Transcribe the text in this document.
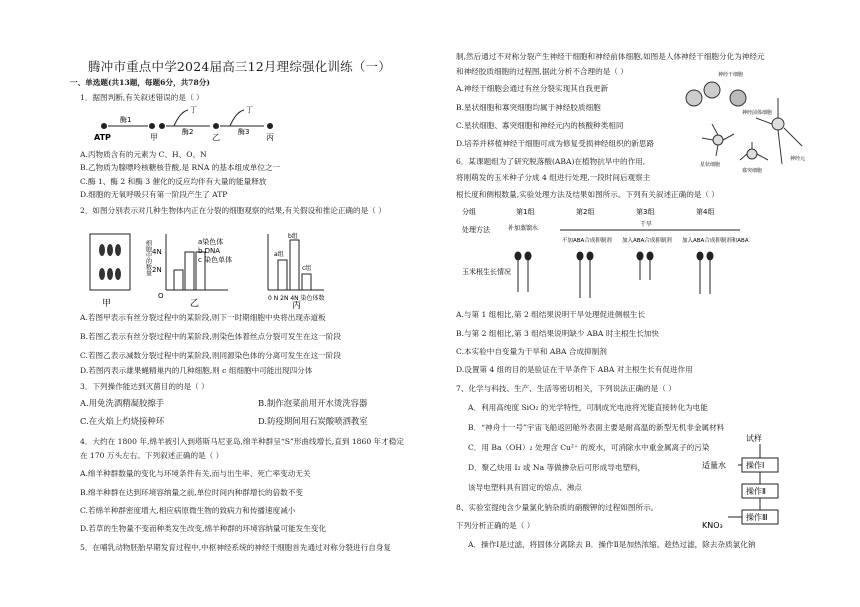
腾冲市重点中学2024届高三12月理综强化训练（一）
一、单选题(共13题，每题6分，共78分)
1．据图判断,有关叙述错误的是（ ）
ATP
酶1
甲
丁
酶2
乙
丁
酶3
丙
A.丙物质含有的元素为 C、H、O、N
B.乙物质为腺嘌呤核糖核苷酸,是 RNA 的基本组成单位之一
C.酶 1、酶 2 和酶 3 催化的反应均伴有大量的能量释放
D.细胞的无氧呼吸只有第一阶段产生了 ATP
2．如图分别表示对几种生物体内正在分裂的细胞观察的结果,有关假设和推论正确的是（ ）
甲
细胞中的数量 4N
2N
O
a染色体
b DNA
c 染色单体
乙
a组
b组
c组
0 N 2N 4N 染色体数
丙
A.若图甲表示有丝分裂过程中的某阶段,则下一时期细胞中央将出现赤道板
B.若图乙表示有丝分裂过程中的某阶段,则染色体着丝点分裂可发生在这一阶段
C.若图乙表示减数分裂过程中的某阶段,则同源染色体的分离可发生在这一阶段
D.若图丙表示雄果蝇精巢内的几种细胞,则 c 组细胞中可能出现四分体
3．下列操作能达到灭菌目的的是（ ）
A.用免洗酒精凝胶擦手	B.制作泡菜前用开水烫洗容器
C.在火焰上灼烧接种环	D.防疫期间用石炭酸喷洒教室
4．大约在 1800 年,绵羊被引入到塔斯马尼亚岛,绵羊种群呈“S”形曲线增长,直到 1860 年才稳定
在 170 万头左右。下列叙述正确的是（ ）
A.绵羊种群数量的变化与环境条件有关,而与出生率、死亡率变动无关
B.绵羊种群在达到环境容纳量之前,单位时间内种群增长的倍数不变
C.若绵羊种群密度增大,相应病原微生物的致病力和传播速度减小
D.若草的生物量不变而种类发生改变,绵羊种群的环境容纳量可能发生变化
5．在哺乳动物胚胎早期发育过程中,中枢神经系统的神经干细胞首先通过对称分裂进行自身复
制,然后通过不对称分裂产生神经干细胞和神经前体细胞,如图是人体神经干细胞分化为神经元
和神经胶质细胞的过程图,据此分析不合理的是（ ）
A.神经干细胞会通过有丝分裂实现其自我更新
B.星状细胞和寡突细胞均属于神经胶质细胞
C.星状细胞、寡突细胞和神经元内的核酸种类相同
D.培养并移植神经干细胞可成为修复受损神经组织的新思路
神经干细胞
神经前体细胞
神经元
星状细胞
寡突细胞
6．某课题组为了研究脱落酸(ABA)在植物抗旱中的作用,
将刚萌发的玉米种子分成 4 组进行处理,一段时间后观察主
根长度和侧根数量,实验处理方法及结果如图所示。下列有关叙述正确的是（ ）
分组	第1组	第2组	第3组	第4组
处理方法	补加蒸馏水
干旱
不加ABA合成抑制剂 加入ABA合成抑制剂 加入ABA合成抑制剂和ABA
玉米根生长情况
A.与第 1 组相比,第 2 组结果说明干旱处理促进侧根生长
B.与第 2 组相比,第 3 组结果说明缺少 ABA 时主根生长加快
C.本实验中自变量为干旱和 ABA 合成抑制剂
D.设置第 4 组的目的是验证在干旱条件下 ABA 对主根生长有促进作用
7、化学与科技、生产、生活等密切相关，下列说法正确的是（ ）
A．利用高纯度 SiO₂ 的光学特性，可制成光电池将光能直接转化为电能
B．“神舟十一号”宇宙飞船返回舱外表面主要是耐高温的新型无机非金属材料
C．用 Ba（OH）₂ 处理含 Cu²⁺ 的废水，可消除水中重金属离子的污染
D．聚乙炔用 I₂ 或 Na 等做掺杂后可形成导电塑料，
该导电塑料具有固定的熔点、沸点
8、实验室提纯含少量氯化钠杂质的硝酸钾的过程如图所示。
下列分析正确的是（ ）
A．操作Ⅰ是过滤，将固体分离除去 B．操作Ⅱ是加热浓缩。趁热过滤，除去杂质氯化钠
试样
适量水	操作Ⅰ
操作Ⅱ
操作Ⅲ
KNO₃
